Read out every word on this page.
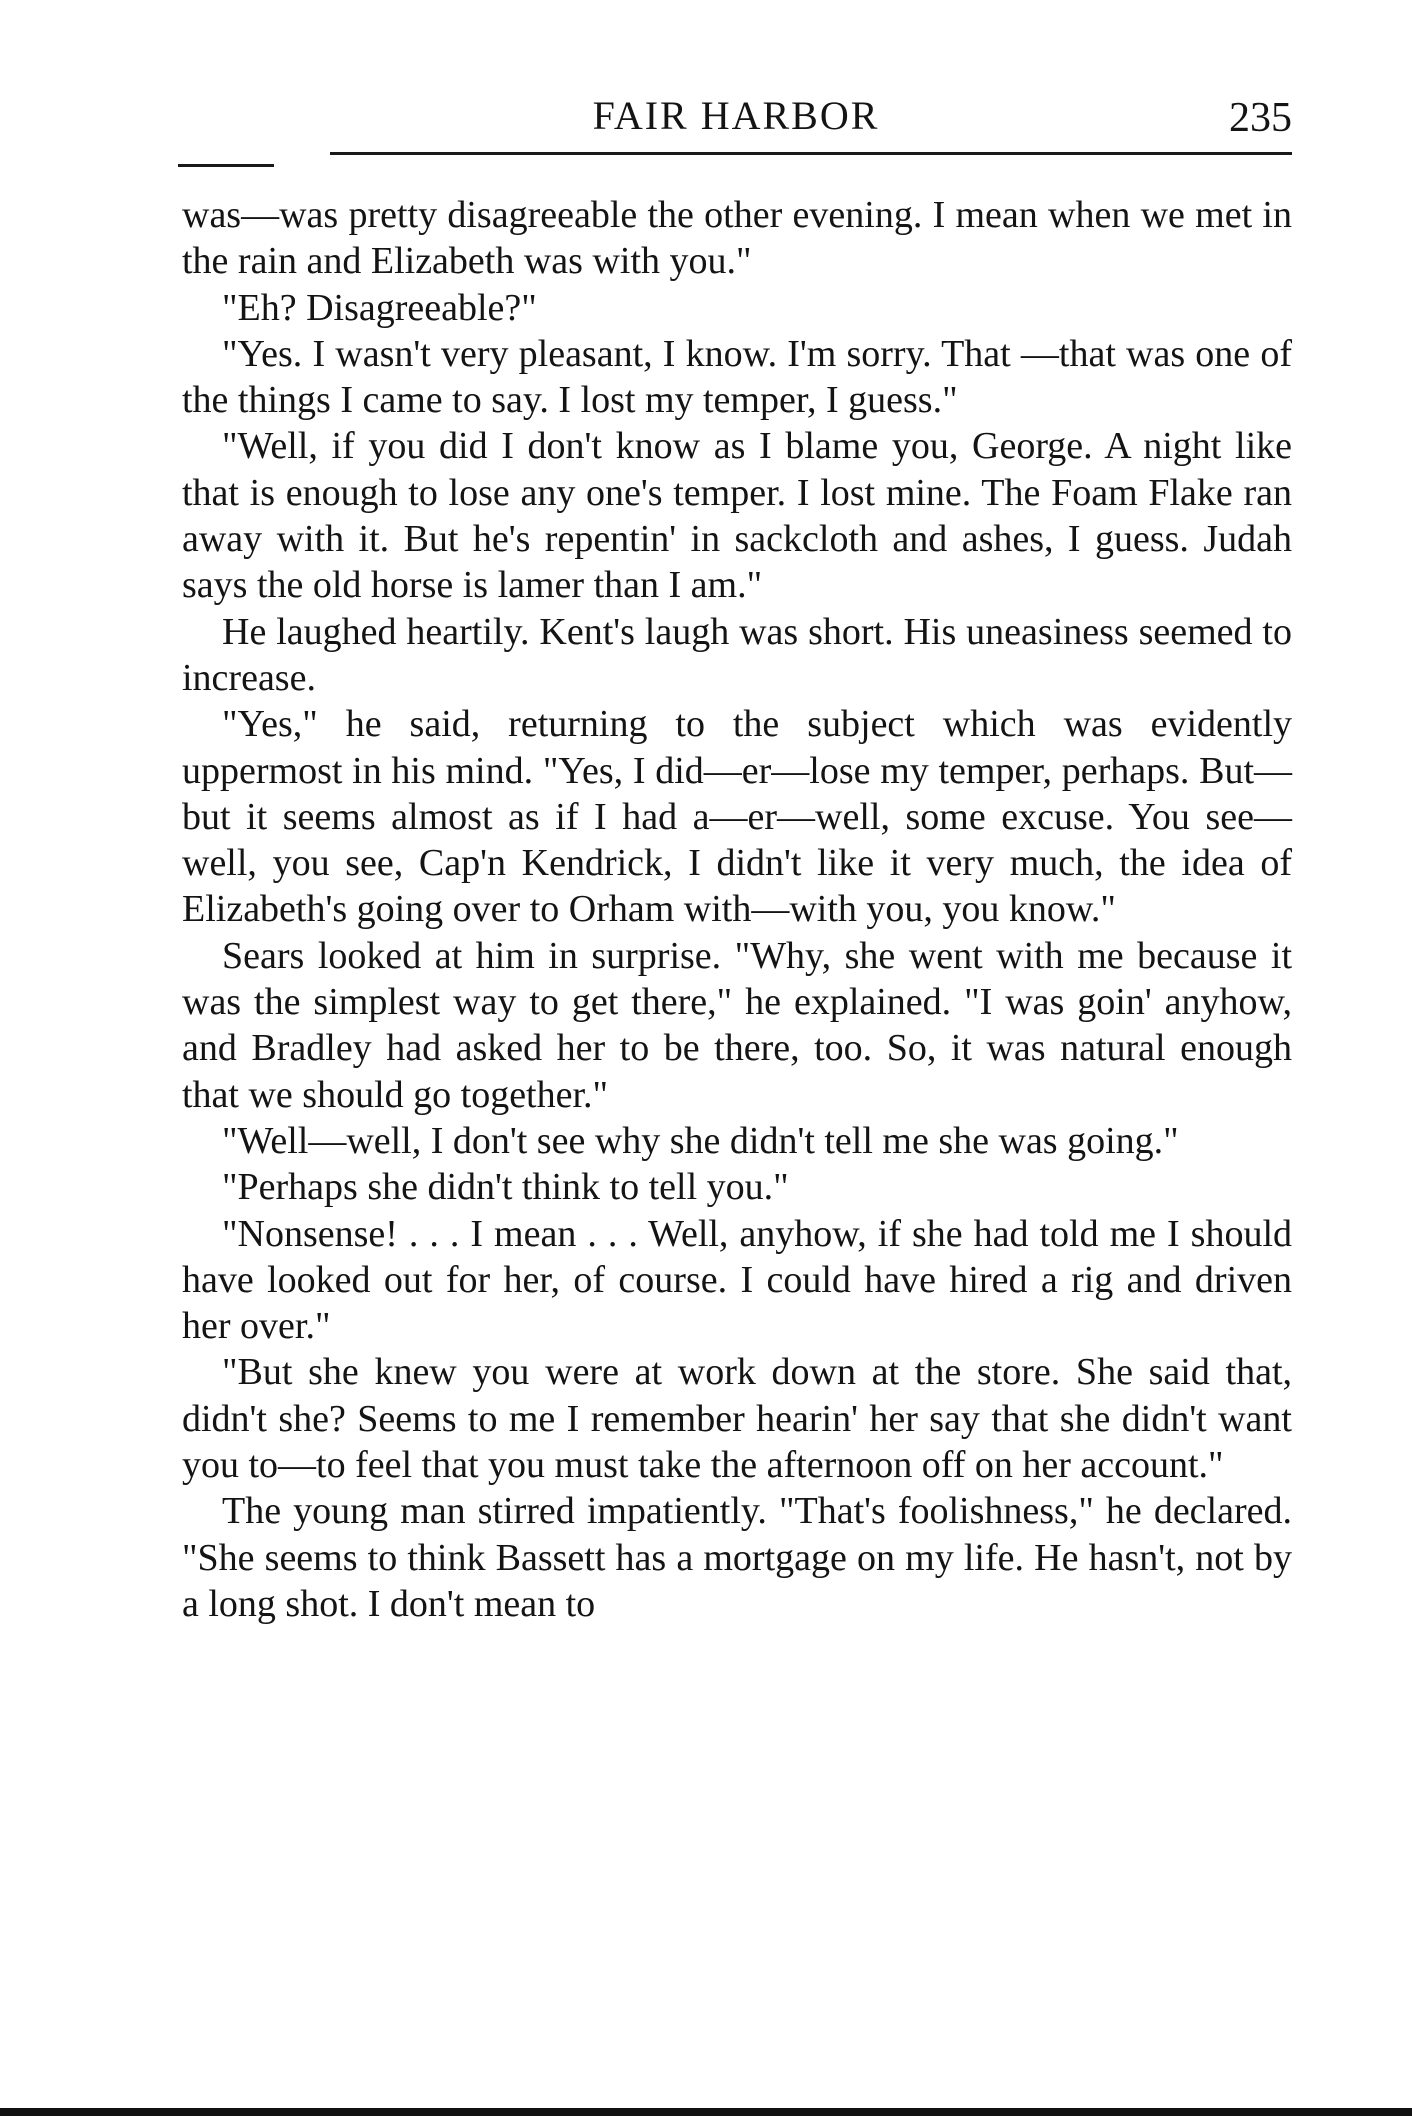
FAIR HARBOR	235

was—was pretty disagreeable the other evening. I mean when we met in the rain and Elizabeth was with you."

"Eh? Disagreeable?"

"Yes. I wasn't very pleasant, I know. I'm sorry. That —that was one of the things I came to say. I lost my temper, I guess."

"Well, if you did I don't know as I blame you, George. A night like that is enough to lose any one's temper. I lost mine. The Foam Flake ran away with it. But he's repentin' in sackcloth and ashes, I guess. Judah says the old horse is lamer than I am."

He laughed heartily. Kent's laugh was short. His uneasiness seemed to increase.

"Yes," he said, returning to the subject which was evidently uppermost in his mind. "Yes, I did—er—lose my temper, perhaps. But—but it seems almost as if I had a—er—well, some excuse. You see—well, you see, Cap'n Kendrick, I didn't like it very much, the idea of Elizabeth's going over to Orham with—with you, you know."

Sears looked at him in surprise. "Why, she went with me because it was the simplest way to get there," he explained. "I was goin' anyhow, and Bradley had asked her to be there, too. So, it was natural enough that we should go together."

"Well—well, I don't see why she didn't tell me she was going."

"Perhaps she didn't think to tell you."

"Nonsense! . . . I mean . . . Well, anyhow, if she had told me I should have looked out for her, of course. I could have hired a rig and driven her over."

"But she knew you were at work down at the store. She said that, didn't she? Seems to me I remember hearin' her say that she didn't want you to—to feel that you must take the afternoon off on her account."

The young man stirred impatiently. "That's foolishness," he declared. "She seems to think Bassett has a mortgage on my life. He hasn't, not by a long shot. I don't mean to
